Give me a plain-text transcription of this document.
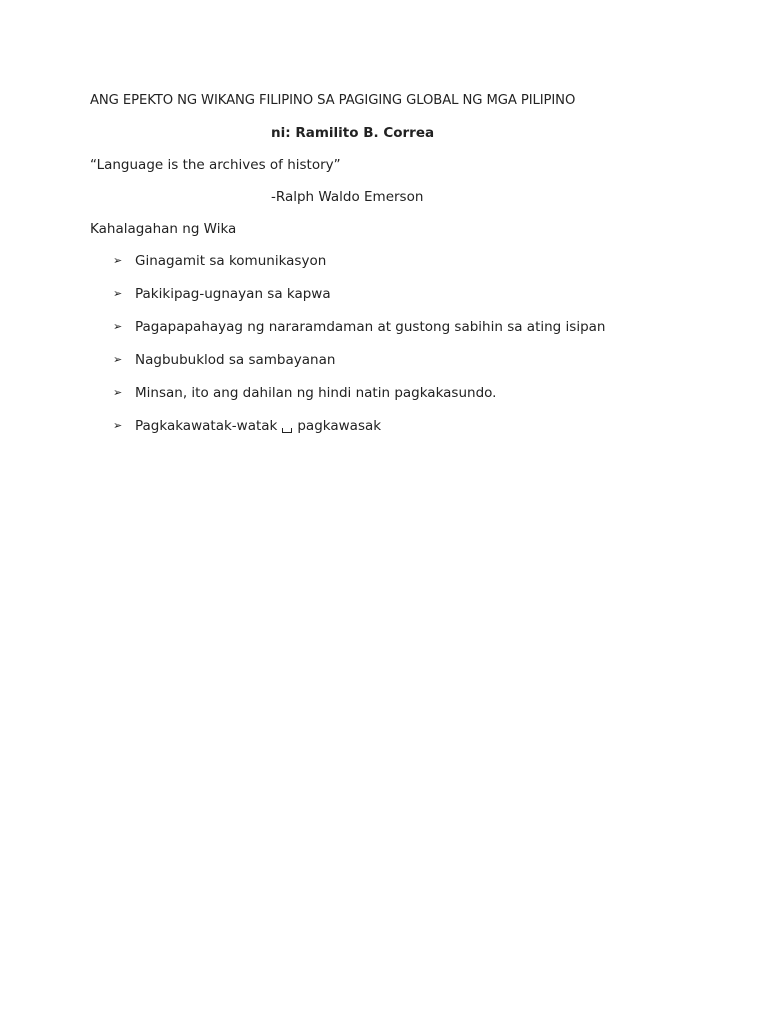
ANG EPEKTO NG WIKANG FILIPINO SA PAGIGING GLOBAL NG MGA PILIPINO
ni: Ramilito B. Correa
“Language is the archives of history”
-Ralph Waldo Emerson
Kahalagahan ng Wika
➢ Ginagamit sa komunikasyon
➢ Pakikipag-ugnayan sa kapwa
➢ Pagapapahayag ng nararamdaman at gustong sabihin sa ating isipan
➢ Nagbubuklod sa sambayanan
➢ Minsan, ito ang dahilan ng hindi natin pagkakasundo.
➢ Pagkakawatak-watak pagkawasak
